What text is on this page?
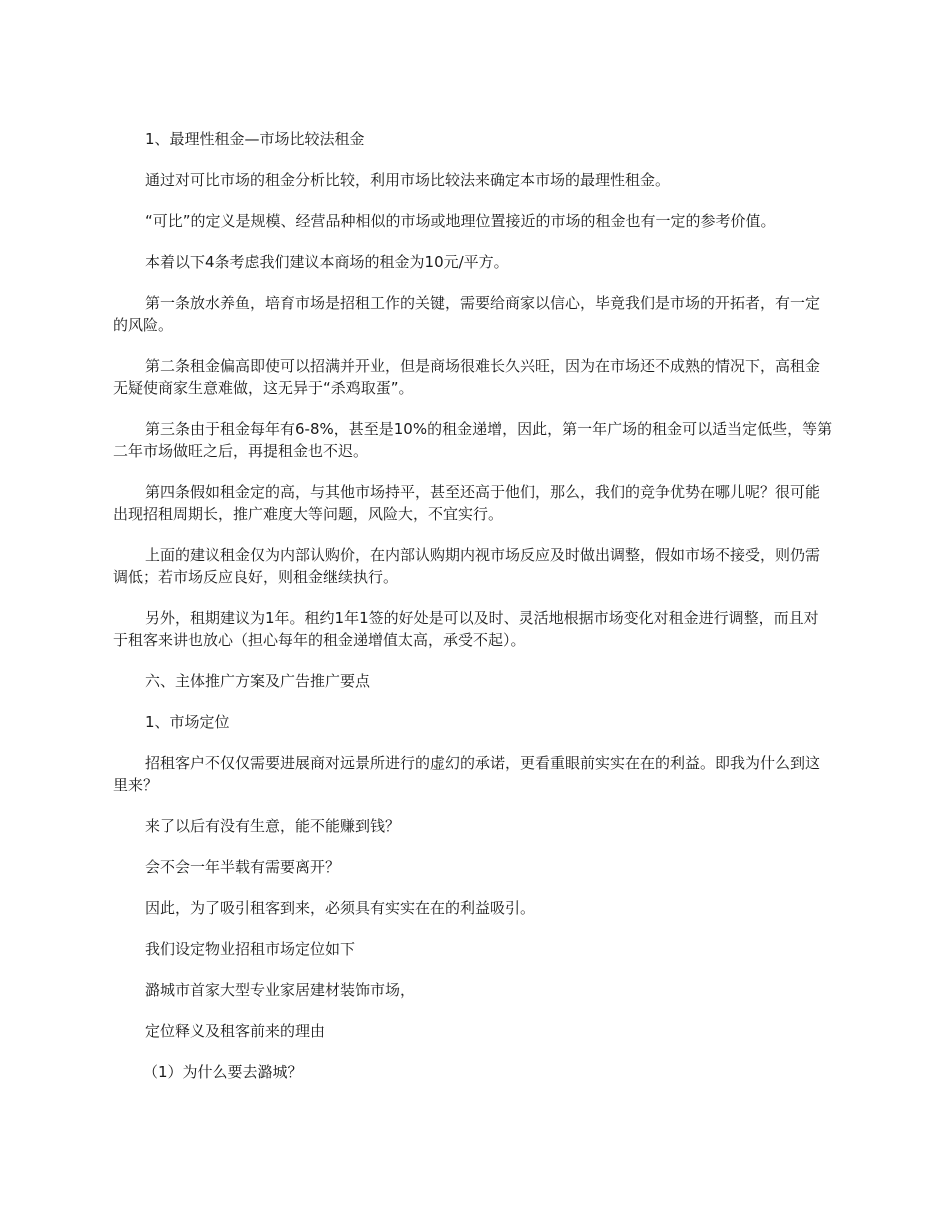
1、最理性租金—市场比较法租金

通过对可比市场的租金分析比较，利用市场比较法来确定本市场的最理性租金。

“可比”的定义是规模、经营品种相似的市场或地理位置接近的市场的租金也有一定的参考价值。

本着以下4条考虑我们建议本商场的租金为10元/平方。

第一条放水养鱼，培育市场是招租工作的关键，需要给商家以信心，毕竟我们是市场的开拓者，有一定的风险。

第二条租金偏高即使可以招满并开业，但是商场很难长久兴旺，因为在市场还不成熟的情况下，高租金无疑使商家生意难做，这无异于“杀鸡取蛋”。

第三条由于租金每年有6-8%，甚至是10%的租金递增，因此，第一年广场的租金可以适当定低些，等第二年市场做旺之后，再提租金也不迟。

第四条假如租金定的高，与其他市场持平，甚至还高于他们，那么，我们的竞争优势在哪儿呢？很可能出现招租周期长，推广难度大等问题，风险大，不宜实行。

上面的建议租金仅为内部认购价，在内部认购期内视市场反应及时做出调整，假如市场不接受，则仍需调低；若市场反应良好，则租金继续执行。

另外，租期建议为1年。租约1年1签的好处是可以及时、灵活地根据市场变化对租金进行调整，而且对于租客来讲也放心（担心每年的租金递增值太高，承受不起）。

六、主体推广方案及广告推广要点

1、市场定位

招租客户不仅仅需要进展商对远景所进行的虚幻的承诺，更看重眼前实实在在的利益。即我为什么到这里来？

来了以后有没有生意，能不能赚到钱？

会不会一年半载有需要离开？

因此，为了吸引租客到来，必须具有实实在在的利益吸引。

我们设定物业招租市场定位如下

潞城市首家大型专业家居建材装饰市场，

定位释义及租客前来的理由

（1）为什么要去潞城？
